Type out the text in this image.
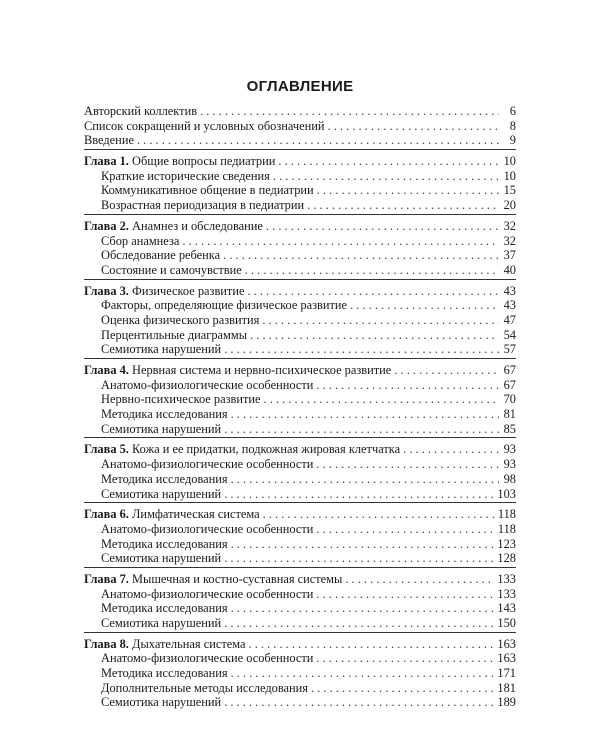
ОГЛАВЛЕНИЕ
Авторский коллектив . . .	6
Список сокращений и условных обозначений . . .	8
Введение . . .	9
Глава 1. Общие вопросы педиатрии . . .	10
Краткие исторические сведения . . .	10
Коммуникативное общение в педиатрии . . .	15
Возрастная периодизация в педиатрии . . .	20
Глава 2. Анамнез и обследование . . .	32
Сбор анамнеза . . .	32
Обследование ребенка . . .	37
Состояние и самочувствие . . .	40
Глава 3. Физическое развитие . . .	43
Факторы, определяющие физическое развитие . . .	43
Оценка физического развития . . .	47
Перцентильные диаграммы . . .	54
Семиотика нарушений . . .	57
Глава 4. Нервная система и нервно-психическое развитие . . .	67
Анатомо-физиологические особенности . . .	67
Нервно-психическое развитие . . .	70
Методика исследования . . .	81
Семиотика нарушений . . .	85
Глава 5. Кожа и ее придатки, подкожная жировая клетчатка . . .	93
Анатомо-физиологические особенности . . .	93
Методика исследования . . .	98
Семиотика нарушений . . .	103
Глава 6. Лимфатическая система . . .	118
Анатомо-физиологические особенности . . .	118
Методика исследования . . .	123
Семиотика нарушений . . .	128
Глава 7. Мышечная и костно-суставная системы . . .	133
Анатомо-физиологические особенности . . .	133
Методика исследования . . .	143
Семиотика нарушений . . .	150
Глава 8. Дыхательная система . . .	163
Анатомо-физиологические особенности . . .	163
Методика исследования . . .	171
Дополнительные методы исследования . . .	181
Семиотика нарушений . . .	189
